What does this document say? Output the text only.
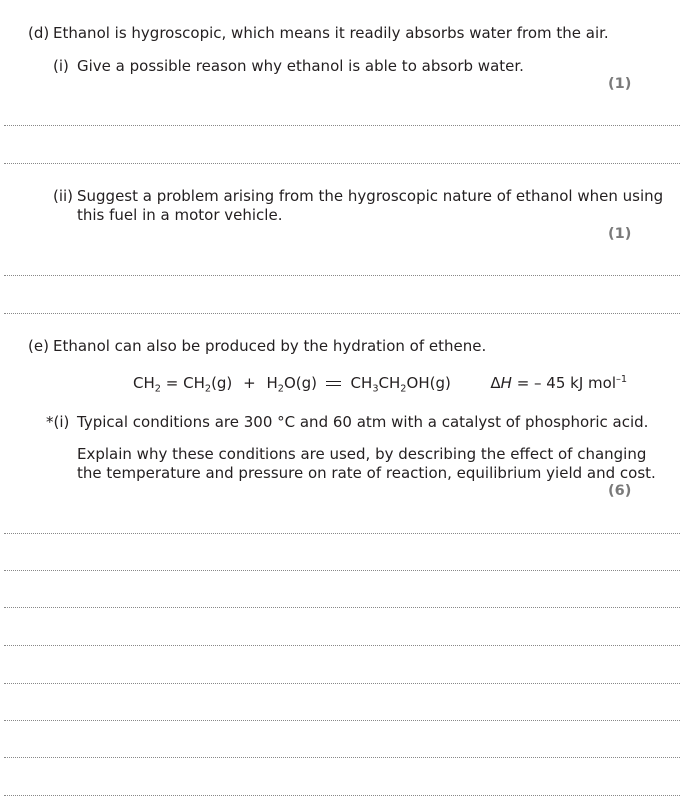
(d) Ethanol is hygroscopic, which means it readily absorbs water from the air.
(i) Give a possible reason why ethanol is able to absorb water.
(1)
(ii) Suggest a problem arising from the hygroscopic nature of ethanol when using
this fuel in a motor vehicle.
(1)
(e) Ethanol can also be produced by the hydration of ethene.
$CH_2 = CH_2(g) + H_2O(g)$ $CH_3CH_2OH(g)$	ΔH = – 45 kJ mol$^{-1}$
*(i) Typical conditions are 300 °C and 60 atm with a catalyst of phosphoric acid.
Explain why these conditions are used, by describing the effect of changing
the temperature and pressure on rate of reaction, equilibrium yield and cost.
(6)
